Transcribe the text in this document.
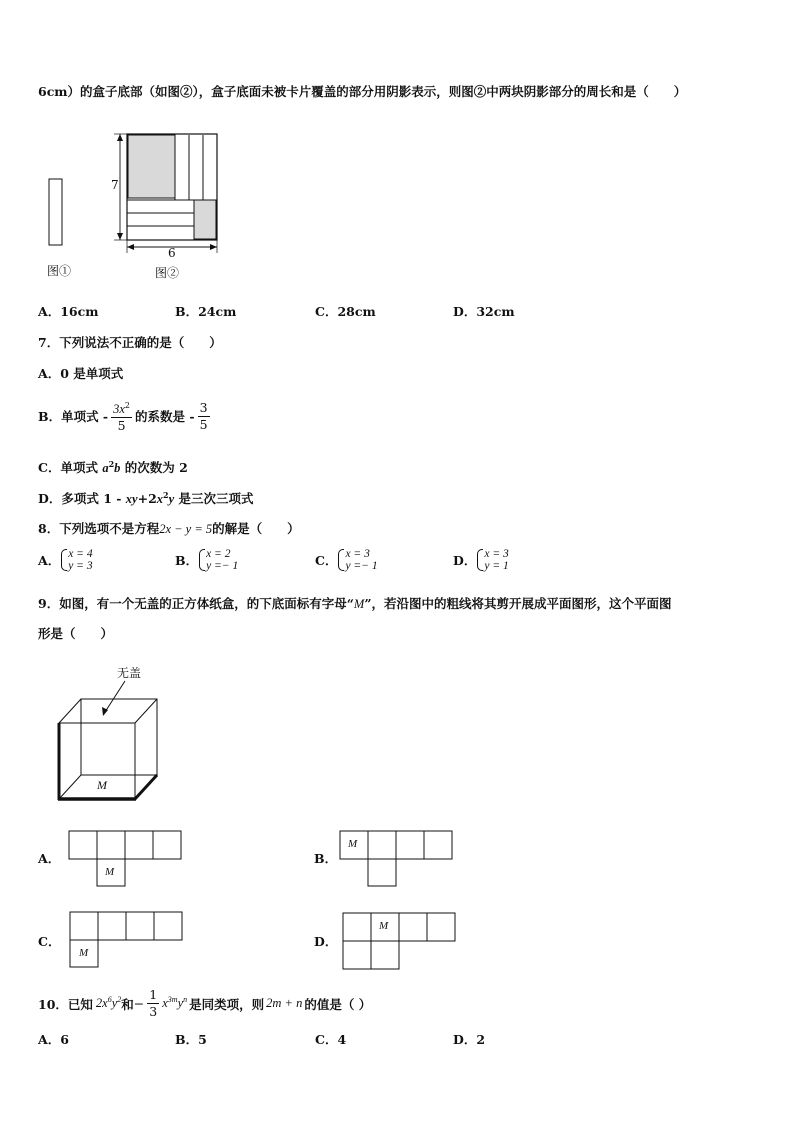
6cm）的盒子底部（如图②），盒子底面未被卡片覆盖的部分用阴影表示，则图②中两块阴影部分的周长和是（　　）
7
6
图①	图②
A．16cm	B．24cm	C．28cm	D．32cm
7．下列说法不正确的是（　　）
A．0 是单项式
B．单项式 - $\frac{3x^2}{5}$ 的系数是 - $\frac{3}{5}$
C．单项式 $a^2b$ 的次数为 2
D．多项式 $1 - xy+2x^2y$ 是三次三项式
8．下列选项不是方程2x − y = 5的解是（　　）
A． x = 4
y = 3	B． x = 2
y =− 1	C． x = 3
y =− 1	D． x = 3
y = 1
9．如图，有一个无盖的正方体纸盒，的下底面标有字母“M”，若沿图中的粗线将其剪开展成平面图形，这个平面图
形是（　　）
无盖
M
A．
M
B．
M
C．
M
D．
M
10．已知 $2x^6y^2$ 和 − $\frac{1}{3} x^{3m}y^n$ 是同类项，则 2m + n 的值是（ ）
A．6	B．5	C．4	D．2
